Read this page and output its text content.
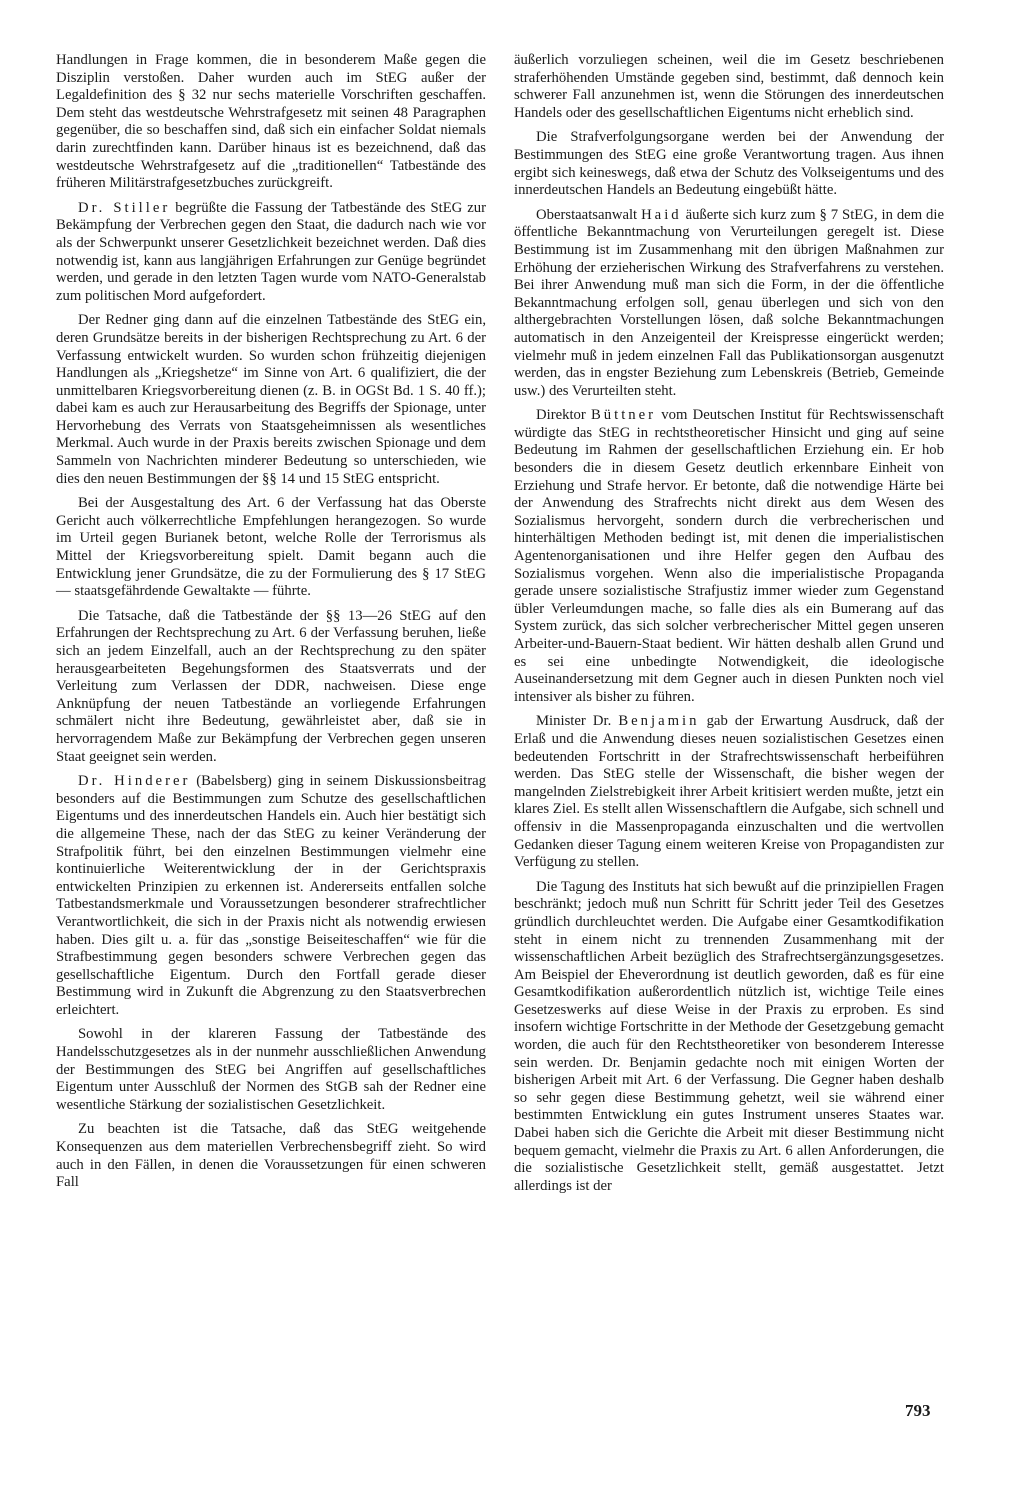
Handlungen in Frage kommen, die in besonderem Maße gegen die Disziplin verstoßen. Daher wurden auch im StEG außer der Legaldefinition des § 32 nur sechs materielle Vorschriften geschaffen. Dem steht das westdeutsche Wehrstrafgesetz mit seinen 48 Paragraphen gegenüber, die so beschaffen sind, daß sich ein einfacher Soldat niemals darin zurechtfinden kann. Darüber hinaus ist es bezeichnend, daß das westdeutsche Wehrstrafgesetz auf die „traditionellen“ Tatbestände des früheren Militärstrafgesetzbuches zurückgreift.

Dr. Stiller begrüßte die Fassung der Tatbestände des StEG zur Bekämpfung der Verbrechen gegen den Staat, die dadurch nach wie vor als der Schwerpunkt unserer Gesetzlichkeit bezeichnet werden. Daß dies notwendig ist, kann aus langjährigen Erfahrungen zur Genüge begründet werden, und gerade in den letzten Tagen wurde vom NATO-Generalstab zum politischen Mord aufgefordert.

Der Redner ging dann auf die einzelnen Tatbestände des StEG ein, deren Grundsätze bereits in der bisherigen Rechtsprechung zu Art. 6 der Verfassung entwickelt wurden. So wurden schon frühzeitig diejenigen Handlungen als „Kriegshetze“ im Sinne von Art. 6 qualifiziert, die der unmittelbaren Kriegsvorbereitung dienen (z. B. in OGSt Bd. 1 S. 40 ff.); dabei kam es auch zur Herausarbeitung des Begriffs der Spionage, unter Hervorhebung des Verrats von Staatsgeheimnissen als wesentliches Merkmal. Auch wurde in der Praxis bereits zwischen Spionage und dem Sammeln von Nachrichten minderer Bedeutung so unterschieden, wie dies den neuen Bestimmungen der §§ 14 und 15 StEG entspricht.

Bei der Ausgestaltung des Art. 6 der Verfassung hat das Oberste Gericht auch völkerrechtliche Empfehlungen herangezogen. So wurde im Urteil gegen Burianek betont, welche Rolle der Terrorismus als Mittel der Kriegsvorbereitung spielt. Damit begann auch die Entwicklung jener Grundsätze, die zu der Formulierung des § 17 StEG — staatsgefährdende Gewaltakte — führte.

Die Tatsache, daß die Tatbestände der §§ 13—26 StEG auf den Erfahrungen der Rechtsprechung zu Art. 6 der Verfassung beruhen, ließe sich an jedem Einzelfall, auch an der Rechtsprechung zu den später herausgearbeiteten Begehungsformen des Staatsverrats und der Verleitung zum Verlassen der DDR, nachweisen. Diese enge Anknüpfung der neuen Tatbestände an vorliegende Erfahrungen schmälert nicht ihre Bedeutung, gewährleistet aber, daß sie in hervorragendem Maße zur Bekämpfung der Verbrechen gegen unseren Staat geeignet sein werden.

Dr. Hinderer (Babelsberg) ging in seinem Diskussionsbeitrag besonders auf die Bestimmungen zum Schutze des gesellschaftlichen Eigentums und des innerdeutschen Handels ein. Auch hier bestätigt sich die allgemeine These, nach der das StEG zu keiner Veränderung der Strafpolitik führt, bei den einzelnen Bestimmungen vielmehr eine kontinuierliche Weiterentwicklung der in der Gerichtspraxis entwickelten Prinzipien zu erkennen ist. Andererseits entfallen solche Tatbestandsmerkmale und Voraussetzungen besonderer strafrechtlicher Verantwortlichkeit, die sich in der Praxis nicht als notwendig erwiesen haben. Dies gilt u. a. für das „sonstige Beiseiteschaffen“ wie für die Strafbestimmung gegen besonders schwere Verbrechen gegen das gesellschaftliche Eigentum. Durch den Fortfall gerade dieser Bestimmung wird in Zukunft die Abgrenzung zu den Staatsverbrechen erleichtert.

Sowohl in der klareren Fassung der Tatbestände des Handelsschutzgesetzes als in der nunmehr ausschließlichen Anwendung der Bestimmungen des StEG bei Angriffen auf gesellschaftliches Eigentum unter Ausschluß der Normen des StGB sah der Redner eine wesentliche Stärkung der sozialistischen Gesetzlichkeit.

Zu beachten ist die Tatsache, daß das StEG weitgehende Konsequenzen aus dem materiellen Verbrechensbegriff zieht. So wird auch in den Fällen, in denen die Voraussetzungen für einen schweren Fall

äußerlich vorzuliegen scheinen, weil die im Gesetz beschriebenen straferhöhenden Umstände gegeben sind, bestimmt, daß dennoch kein schwerer Fall anzunehmen ist, wenn die Störungen des innerdeutschen Handels oder des gesellschaftlichen Eigentums nicht erheblich sind.

Die Strafverfolgungsorgane werden bei der Anwendung der Bestimmungen des StEG eine große Verantwortung tragen. Aus ihnen ergibt sich keineswegs, daß etwa der Schutz des Volkseigentums und des innerdeutschen Handels an Bedeutung eingebüßt hätte.

Oberstaatsanwalt Haid äußerte sich kurz zum § 7 StEG, in dem die öffentliche Bekanntmachung von Verurteilungen geregelt ist. Diese Bestimmung ist im Zusammenhang mit den übrigen Maßnahmen zur Erhöhung der erzieherischen Wirkung des Strafverfahrens zu verstehen. Bei ihrer Anwendung muß man sich die Form, in der die öffentliche Bekanntmachung erfolgen soll, genau überlegen und sich von den althergebrachten Vorstellungen lösen, daß solche Bekanntmachungen automatisch in den Anzeigenteil der Kreispresse eingerückt werden; vielmehr muß in jedem einzelnen Fall das Publikationsorgan ausgenutzt werden, das in engster Beziehung zum Lebenskreis (Betrieb, Gemeinde usw.) des Verurteilten steht.

Direktor Büttner vom Deutschen Institut für Rechtswissenschaft würdigte das StEG in rechtstheoretischer Hinsicht und ging auf seine Bedeutung im Rahmen der gesellschaftlichen Erziehung ein. Er hob besonders die in diesem Gesetz deutlich erkennbare Einheit von Erziehung und Strafe hervor. Er betonte, daß die notwendige Härte bei der Anwendung des Strafrechts nicht direkt aus dem Wesen des Sozialismus hervorgeht, sondern durch die verbrecherischen und hinterhältigen Methoden bedingt ist, mit denen die imperialistischen Agentenorganisationen und ihre Helfer gegen den Aufbau des Sozialismus vorgehen. Wenn also die imperialistische Propaganda gerade unsere sozialistische Strafjustiz immer wieder zum Gegenstand übler Verleumdungen mache, so falle dies als ein Bumerang auf das System zurück, das sich solcher verbrecherischer Mittel gegen unseren Arbeiter-und-Bauern-Staat bedient. Wir hätten deshalb allen Grund und es sei eine unbedingte Notwendigkeit, die ideologische Auseinandersetzung mit dem Gegner auch in diesen Punkten noch viel intensiver als bisher zu führen.

Minister Dr. Benjamin gab der Erwartung Ausdruck, daß der Erlaß und die Anwendung dieses neuen sozialistischen Gesetzes einen bedeutenden Fortschritt in der Strafrechtswissenschaft herbeiführen werden. Das StEG stelle der Wissenschaft, die bisher wegen der mangelnden Zielstrebigkeit ihrer Arbeit kritisiert werden mußte, jetzt ein klares Ziel. Es stellt allen Wissenschaftlern die Aufgabe, sich schnell und offensiv in die Massenpropaganda einzuschalten und die wertvollen Gedanken dieser Tagung einem weiteren Kreise von Propagandisten zur Verfügung zu stellen.

Die Tagung des Instituts hat sich bewußt auf die prinzipiellen Fragen beschränkt; jedoch muß nun Schritt für Schritt jeder Teil des Gesetzes gründlich durchleuchtet werden. Die Aufgabe einer Gesamtkodifikation steht in einem nicht zu trennenden Zusammenhang mit der wissenschaftlichen Arbeit bezüglich des Strafrechtsergänzungsgesetzes. Am Beispiel der Eheverordnung ist deutlich geworden, daß es für eine Gesamtkodifikation außerordentlich nützlich ist, wichtige Teile eines Gesetzeswerks auf diese Weise in der Praxis zu erproben. Es sind insofern wichtige Fortschritte in der Methode der Gesetzgebung gemacht worden, die auch für den Rechtstheoretiker von besonderem Interesse sein werden. Dr. Benjamin gedachte noch mit einigen Worten der bisherigen Arbeit mit Art. 6 der Verfassung. Die Gegner haben deshalb so sehr gegen diese Bestimmung gehetzt, weil sie während einer bestimmten Entwicklung ein gutes Instrument unseres Staates war. Dabei haben sich die Gerichte die Arbeit mit dieser Bestimmung nicht bequem gemacht, vielmehr die Praxis zu Art. 6 allen Anforderungen, die die sozialistische Gesetzlichkeit stellt, gemäß ausgestattet. Jetzt allerdings ist der

793
